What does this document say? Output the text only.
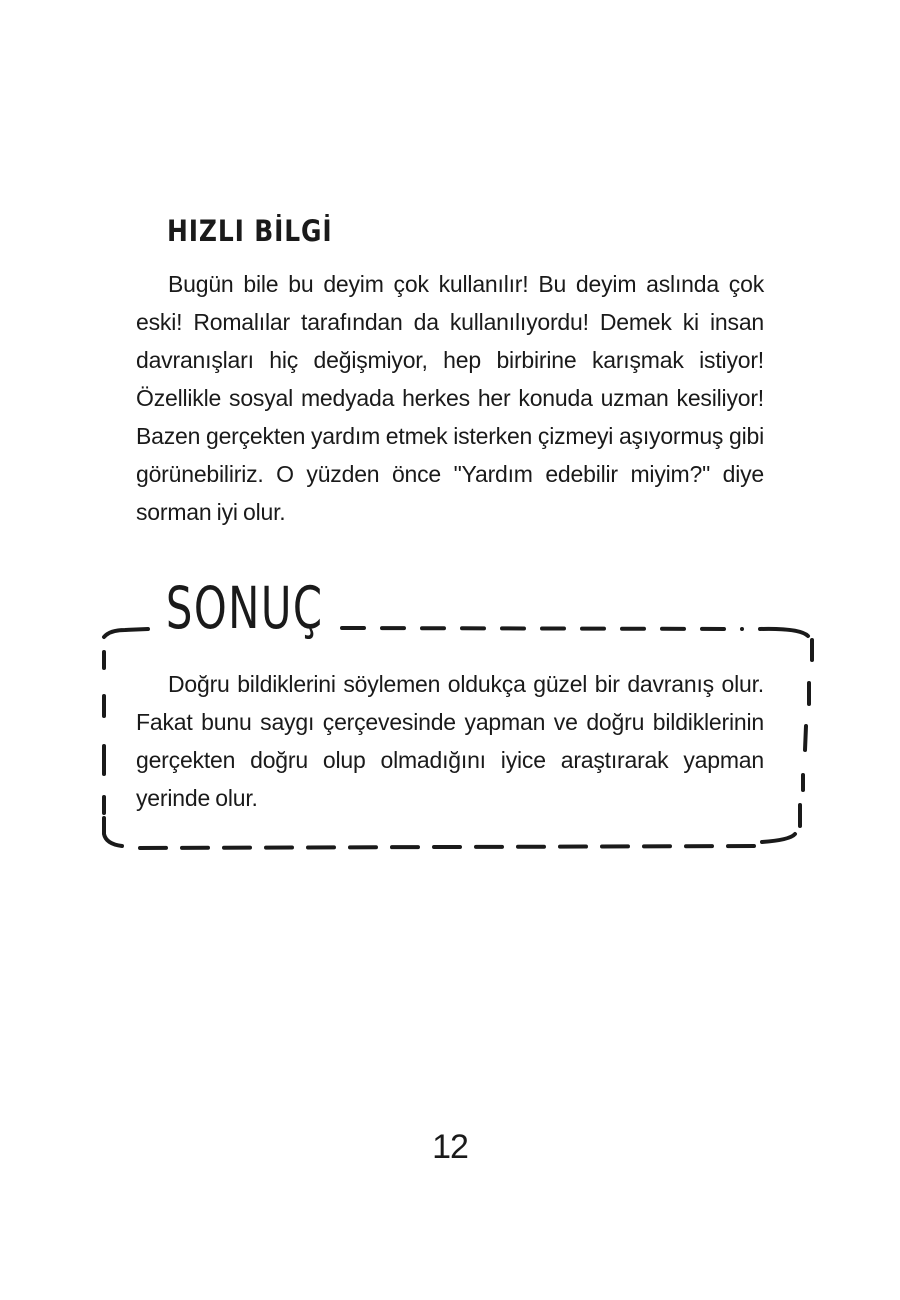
HIZLI BİLGİ

Bugün bile bu deyim çok kullanılır! Bu deyim aslında çok eski! Romalılar tarafından da kullanılıyordu! Demek ki insan davranışları hiç değişmiyor, hep birbirine karışmak istiyor! Özellikle sosyal medyada herkes her konuda uzman kesiliyor! Bazen gerçekten yardım etmek isterken çizmeyi aşıyormuş gibi görünebiliriz. O yüzden önce "Yardım edebilir miyim?" diye sorman iyi olur.

SONUÇ

Doğru bildiklerini söylemen oldukça güzel bir davranış olur. Fakat bunu saygı çerçevesinde yapman ve doğru bildiklerinin gerçekten doğru olup olmadığını iyice araştırarak yapman yerinde olur.

12
